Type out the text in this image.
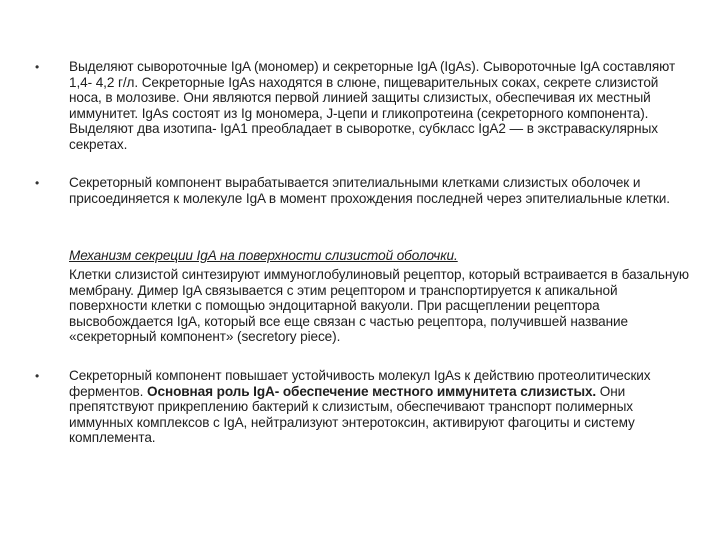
• Выделяют сывороточные IgA (мономер) и секреторные IgA (IgAs). Сывороточные IgA составляют 1,4- 4,2 г/л. Секреторные IgAs находятся в слюне, пищеварительных соках, секрете слизистой носа, в молозиве. Они являются первой линией защиты слизистых, обеспечивая их местный иммунитет. IgAs состоят из Ig мономера, J-цепи и гликопротеина (секреторного компонента). Выделяют два изотипа- IgA1 преобладает в сыворотке, субкласс IgA2 — в экстраваскулярных секретах.
• Секреторный компонент вырабатывается эпителиальными клетками слизистых оболочек и присоединяется к молекуле IgA в момент прохождения последней через эпителиальные клетки.
Механизм секреции IgA на поверхности слизистой оболочки.
Клетки слизистой синтезируют иммуноглобулиновый рецептор, который встраивается в базальную мембрану. Димер IgA связывается с этим рецептором и транспортируется к апикальной поверхности клетки с помощью эндоцитарной вакуоли. При расщеплении рецептора высвобождается IgA, который все еще связан с частью рецептора, получившей название «секреторный компонент» (secretory piece).
• Секреторный компонент повышает устойчивость молекул IgAs к действию протеолитических ферментов. Основная роль IgA- обеспечение местного иммунитета слизистых. Они препятствуют прикреплению бактерий к слизистым, обеспечивают транспорт полимерных иммунных комплексов с IgA, нейтрализуют энтеротоксин, активируют фагоциты и систему комплемента.
